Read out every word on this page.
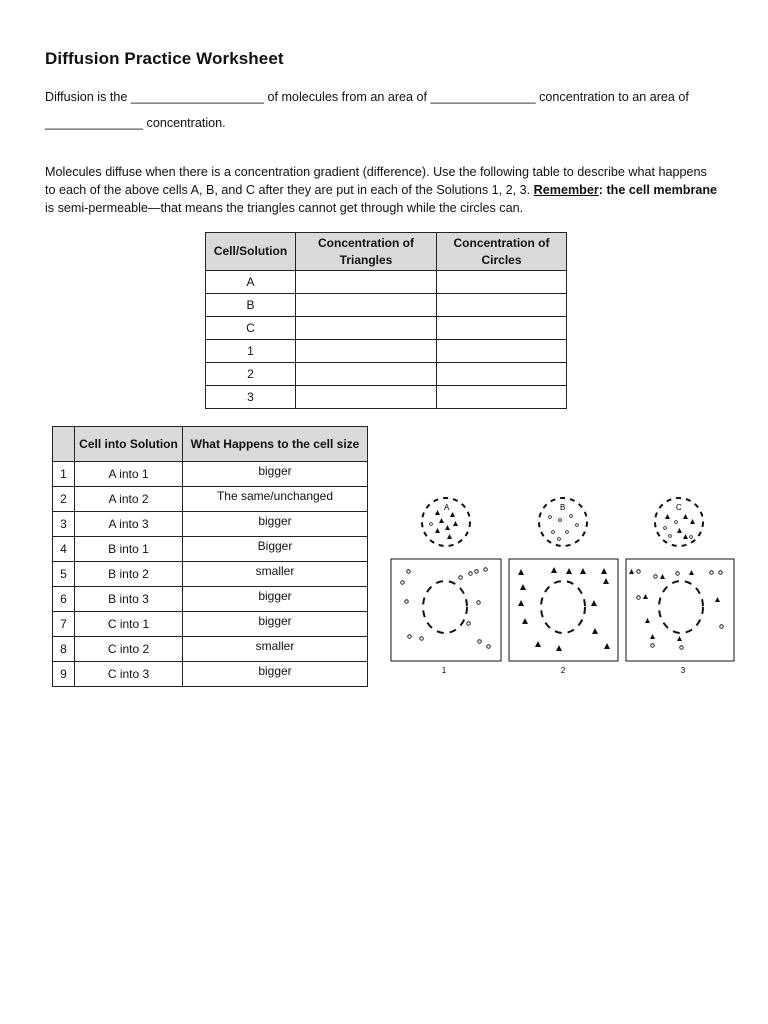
Diffusion Practice Worksheet
Diffusion is the ___________________ of molecules from an area of _______________ concentration to an area of
______________ concentration.
Molecules diffuse when there is a concentration gradient (difference). Use the following table to describe what happens
to each of the above cells A, B, and C after they are put in each of the Solutions 1, 2, 3. Remember: the cell membrane
is semi-permeable—that means the triangles cannot get through while the circles can.
Cell/Solution	Concentration of Triangles	Concentration of Circles
A		
B		
C		
1		
2		
3		
	Cell into Solution	What Happens to the cell size
1	A into 1	bigger
2	A into 2	The same/unchanged
3	A into 3	bigger
4	B into 1	Bigger
5	B into 2	smaller
6	B into 3	bigger
7	C into 1	bigger
8	C into 2	smaller
9	C into 3	bigger
A	B	C
1	2	3
